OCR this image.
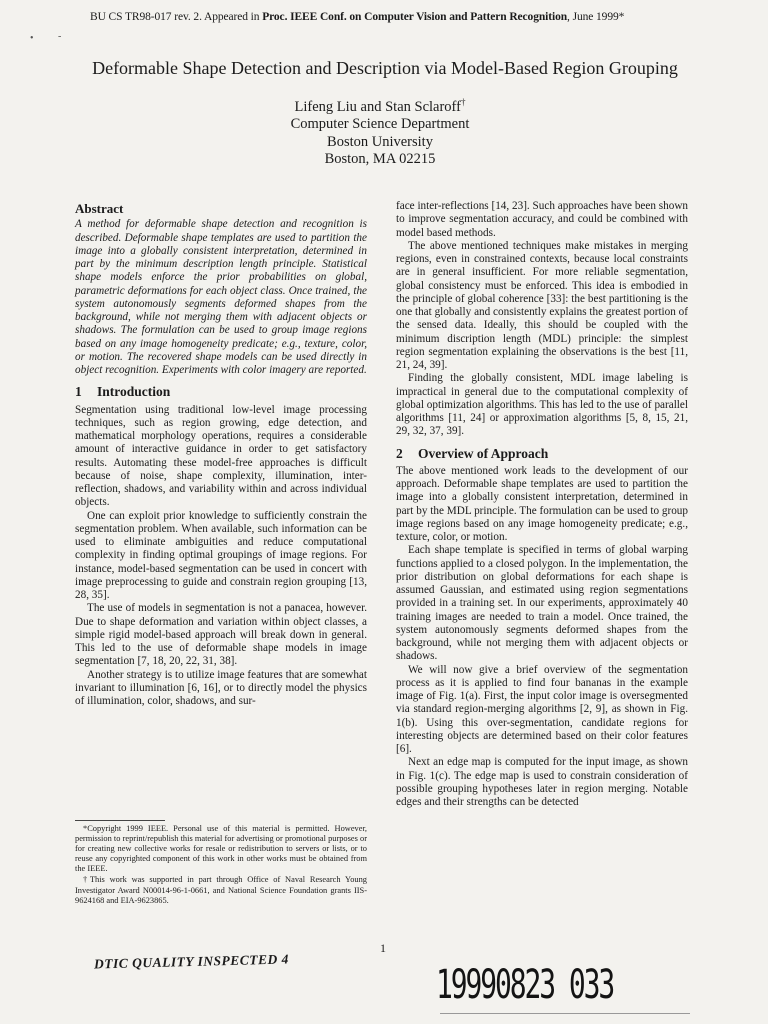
BU CS TR98-017 rev. 2. Appeared in Proc. IEEE Conf. on Computer Vision and Pattern Recognition, June 1999*
• -
Deformable Shape Detection and Description via Model-Based Region Grouping
Lifeng Liu and Stan Sclaroff†
Computer Science Department
Boston University
Boston, MA 02215
Abstract

A method for deformable shape detection and recognition is described. Deformable shape templates are used to partition the image into a globally consistent interpretation, determined in part by the minimum description length principle. Statistical shape models enforce the prior probabilities on global, parametric deformations for each object class. Once trained, the system autonomously segments deformed shapes from the background, while not merging them with adjacent objects or shadows. The formulation can be used to group image regions based on any image homogeneity predicate; e.g., texture, color, or motion. The recovered shape models can be used directly in object recognition. Experiments with color imagery are reported.

1 Introduction

Segmentation using traditional low-level image processing techniques, such as region growing, edge detection, and mathematical morphology operations, requires a considerable amount of interactive guidance in order to get satisfactory results. Automating these model-free approaches is difficult because of noise, shape complexity, illumination, inter-reflection, shadows, and variability within and across individual objects.

One can exploit prior knowledge to sufficiently constrain the segmentation problem. When available, such information can be used to eliminate ambiguities and reduce computational complexity in finding optimal groupings of image regions. For instance, model-based segmentation can be used in concert with image preprocessing to guide and constrain region grouping [13, 28, 35].

The use of models in segmentation is not a panacea, however. Due to shape deformation and variation within object classes, a simple rigid model-based approach will break down in general. This led to the use of deformable shape models in image segmentation [7, 18, 20, 22, 31, 38].

Another strategy is to utilize image features that are somewhat invariant to illumination [6, 16], or to directly model the physics of illumination, color, shadows, and sur-

face inter-reflections [14, 23]. Such approaches have been shown to improve segmentation accuracy, and could be combined with model based methods.

The above mentioned techniques make mistakes in merging regions, even in constrained contexts, because local constraints are in general insufficient. For more reliable segmentation, global consistency must be enforced. This idea is embodied in the principle of global coherence [33]: the best partitioning is the one that globally and consistently explains the greatest portion of the sensed data. Ideally, this should be coupled with the minimum discription length (MDL) principle: the simplest region segmentation explaining the observations is the best [11, 21, 24, 39].

Finding the globally consistent, MDL image labeling is impractical in general due to the computational complexity of global optimization algorithms. This has led to the use of parallel algorithms [11, 24] or approximation algorithms [5, 8, 15, 21, 29, 32, 37, 39].

2 Overview of Approach

The above mentioned work leads to the development of our approach. Deformable shape templates are used to partition the image into a globally consistent interpretation, determined in part by the MDL principle. The formulation can be used to group image regions based on any image homogeneity predicate; e.g., texture, color, or motion.

Each shape template is specified in terms of global warping functions applied to a closed polygon. In the implementation, the prior distribution on global deformations for each shape is assumed Gaussian, and estimated using region segmentations provided in a training set. In our experiments, approximately 40 training images are needed to train a model. Once trained, the system autonomously segments deformed shapes from the background, while not merging them with adjacent objects or shadows.

We will now give a brief overview of the segmentation process as it is applied to find four bananas in the example image of Fig. 1(a). First, the input color image is oversegmented via standard region-merging algorithms [2, 9], as shown in Fig. 1(b). Using this over-segmentation, candidate regions for interesting objects are determined based on their color features [6].

Next an edge map is computed for the input image, as shown in Fig. 1(c). The edge map is used to constrain consideration of possible grouping hypotheses later in region merging. Notable edges and their strengths can be detected

*Copyright 1999 IEEE. Personal use of this material is permitted. However, permission to reprint/republish this material for advertising or promotional purposes or for creating new collective works for resale or redistribution to servers or lists, or to reuse any copyrighted component of this work in other works must be obtained from the IEEE.

†This work was supported in part through Office of Naval Research Young Investigator Award N00014-96-1-0661, and National Science Foundation grants IIS-9624168 and EIA-9623865.

1
DTIC QUALITY INSPECTED 4
19990823 033
